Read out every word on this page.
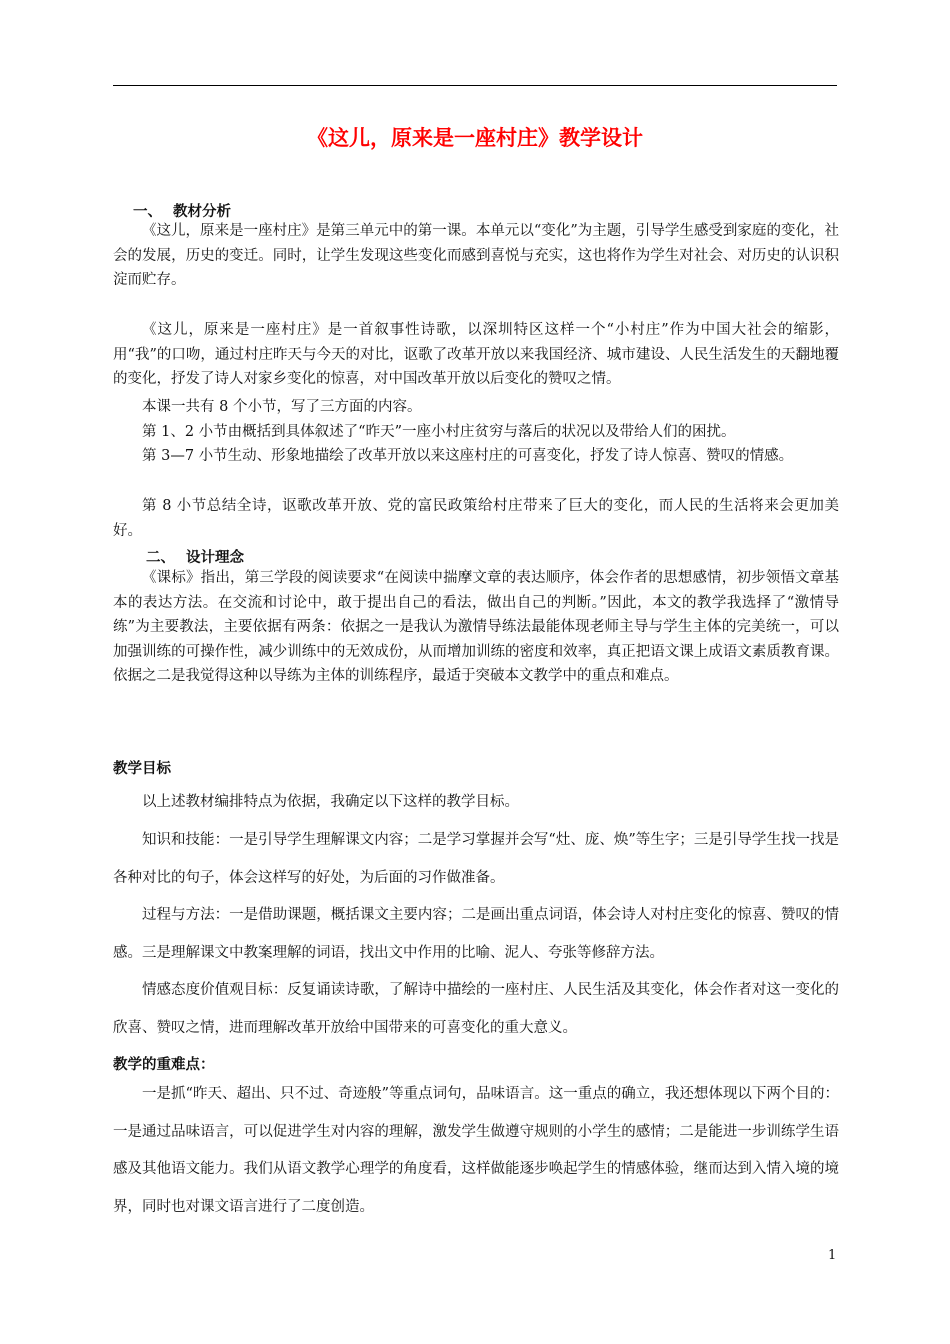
《这儿，原来是一座村庄》教学设计
一、 教材分析

《这儿，原来是一座村庄》是第三单元中的第一课。本单元以“变化”为主题，引导学生感受到家庭的变化，社会的发展，历史的变迁。同时，让学生发现这些变化而感到喜悦与充实，这也将作为学生对社会、对历史的认识积淀而贮存。

《这儿，原来是一座村庄》是一首叙事性诗歌，以深圳特区这样一个“小村庄”作为中国大社会的缩影，用“我”的口吻，通过村庄昨天与今天的对比，讴歌了改革开放以来我国经济、城市建设、人民生活发生的天翻地覆的变化，抒发了诗人对家乡变化的惊喜，对中国改革开放以后变化的赞叹之情。

本课一共有 8 个小节，写了三方面的内容。

第 1、2 小节由概括到具体叙述了“昨天”一座小村庄贫穷与落后的状况以及带给人们的困扰。

第 3—7 小节生动、形象地描绘了改革开放以来这座村庄的可喜变化，抒发了诗人惊喜、赞叹的情感。

第 8 小节总结全诗，讴歌改革开放、党的富民政策给村庄带来了巨大的变化，而人民的生活将来会更加美好。

二、 设计理念

《课标》指出，第三学段的阅读要求“在阅读中揣摩文章的表达顺序，体会作者的思想感情，初步领悟文章基本的表达方法。在交流和讨论中，敢于提出自己的看法，做出自己的判断。”因此，本文的教学我选择了“激情导练”为主要教法，主要依据有两条：依据之一是我认为激情导练法最能体现老师主导与学生主体的完美统一，可以加强训练的可操作性，减少训练中的无效成份，从而增加训练的密度和效率，真正把语文课上成语文素质教育课。依据之二是我觉得这种以导练为主体的训练程序，最适于突破本文教学中的重点和难点。

教学目标

以上述教材编排特点为依据，我确定以下这样的教学目标。

知识和技能：一是引导学生理解课文内容；二是学习掌握并会写“灶、庞、焕”等生字；三是引导学生找一找是各种对比的句子，体会这样写的好处，为后面的习作做准备。

过程与方法：一是借助课题，概括课文主要内容；二是画出重点词语，体会诗人对村庄变化的惊喜、赞叹的情感。三是理解课文中教案理解的词语，找出文中作用的比喻、泥人、夸张等修辞方法。

情感态度价值观目标：反复诵读诗歌，了解诗中描绘的一座村庄、人民生活及其变化，体会作者对这一变化的欣喜、赞叹之情，进而理解改革开放给中国带来的可喜变化的重大意义。

教学的重难点：

一是抓“昨天、超出、只不过、奇迹般”等重点词句，品味语言。这一重点的确立，我还想体现以下两个目的：一是通过品味语言，可以促进学生对内容的理解，激发学生做遵守规则的小学生的感情；二是能进一步训练学生语感及其他语文能力。我们从语文教学心理学的角度看，这样做能逐步唤起学生的情感体验，继而达到入情入境的境界，同时也对课文语言进行了二度创造。

1
